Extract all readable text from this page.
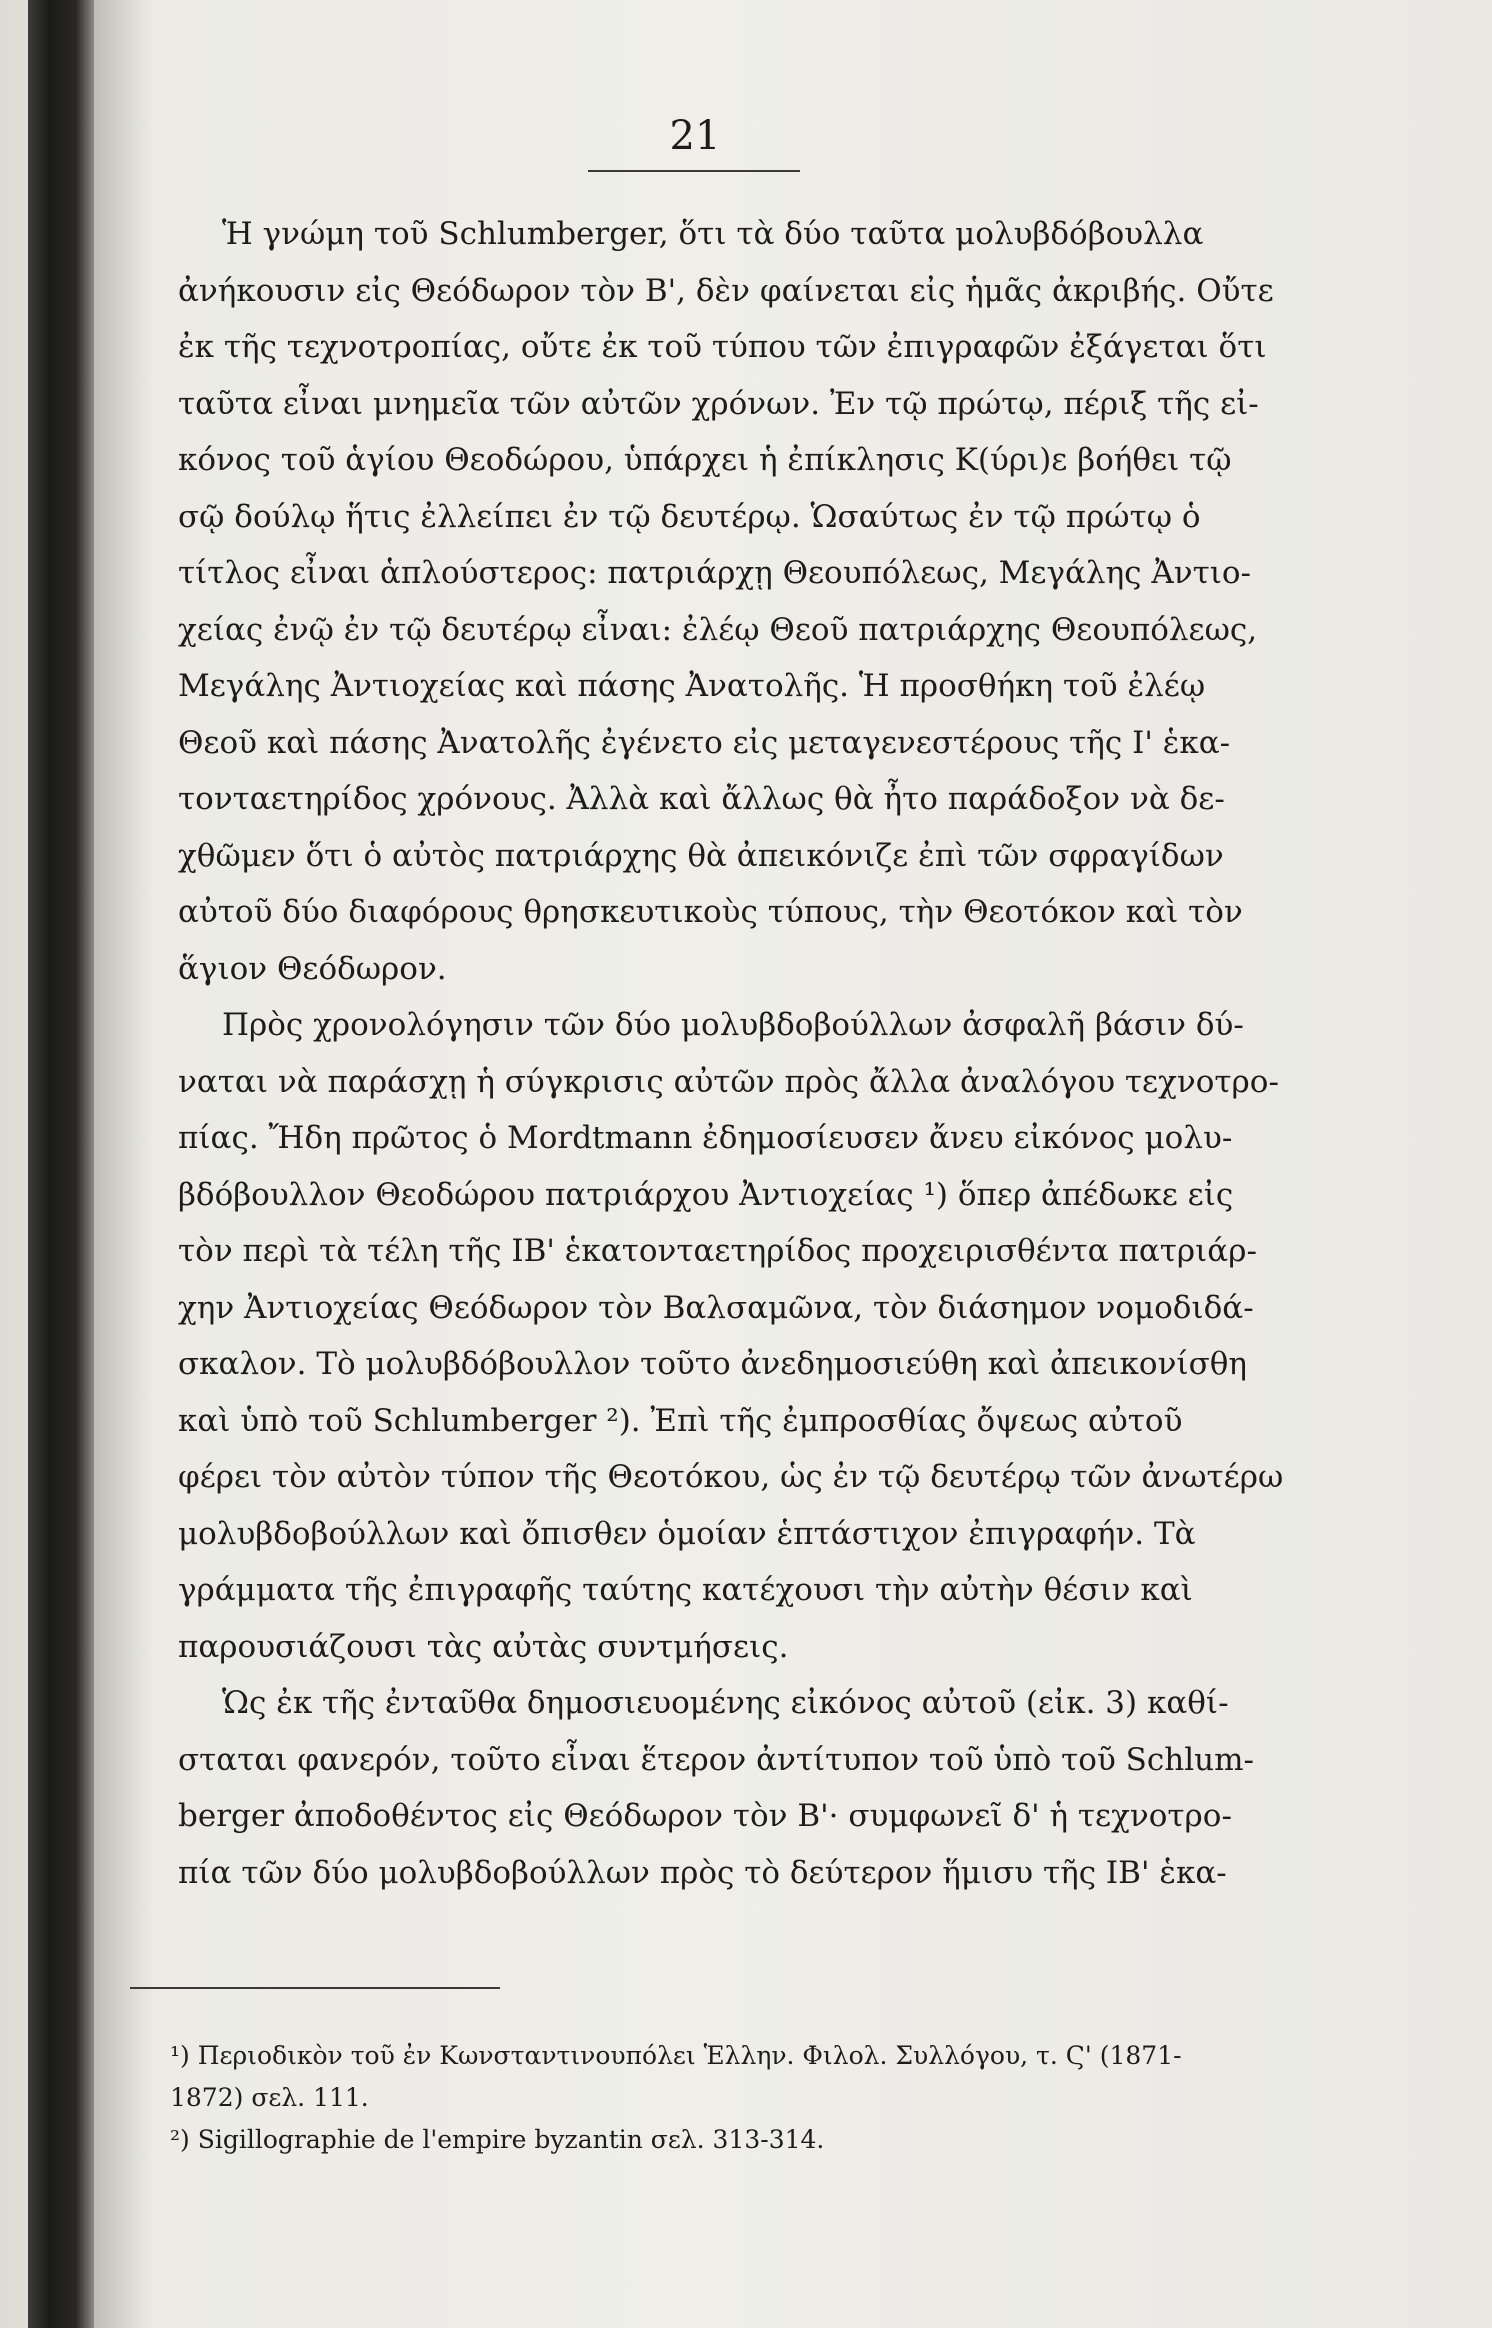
21
Ἡ γνώμη τοῦ Schlumberger, ὅτι τὰ δύο ταῦτα μολυβδόβουλλα
ἀνήκουσιν εἰς Θεόδωρον τὸν Β', δὲν φαίνεται εἰς ἡμᾶς ἀκριβής. Οὔτε
ἐκ τῆς τεχνοτροπίας, οὔτε ἐκ τοῦ τύπου τῶν ἐπιγραφῶν ἐξάγεται ὅτι
ταῦτα εἶναι μνημεῖα τῶν αὐτῶν χρόνων. Ἐν τῷ πρώτῳ, πέριξ τῆς εἰ-
κόνος τοῦ ἁγίου Θεοδώρου, ὑπάρχει ἡ ἐπίκλησις Κ(ύρι)ε βοήθει τῷ
σῷ δούλῳ ἥτις ἐλλείπει ἐν τῷ δευτέρῳ. Ὡσαύτως ἐν τῷ πρώτῳ ὁ
τίτλος εἶναι ἁπλούστερος: πατριάρχῃ Θεουπόλεως, Μεγάλης Ἀντιο-
χείας ἐνῷ ἐν τῷ δευτέρῳ εἶναι: ἐλέῳ Θεοῦ πατριάρχης Θεουπόλεως,
Μεγάλης Ἀντιοχείας καὶ πάσης Ἀνατολῆς. Ἡ προσθήκη τοῦ ἐλέῳ
Θεοῦ καὶ πάσης Ἀνατολῆς ἐγένετο εἰς μεταγενεστέρους τῆς Ι' ἑκα-
τονταετηρίδος χρόνους. Ἀλλὰ καὶ ἄλλως θὰ ἦτο παράδοξον νὰ δε-
χθῶμεν ὅτι ὁ αὐτὸς πατριάρχης θὰ ἀπεικόνιζε ἐπὶ τῶν σφραγίδων
αὐτοῦ δύο διαφόρους θρησκευτικοὺς τύπους, τὴν Θεοτόκον καὶ τὸν
ἅγιον Θεόδωρον.
Πρὸς χρονολόγησιν τῶν δύο μολυβδοβούλλων ἀσφαλῆ βάσιν δύ-
ναται νὰ παράσχῃ ἡ σύγκρισις αὐτῶν πρὸς ἄλλα ἀναλόγου τεχνοτρο-
πίας. Ἤδη πρῶτος ὁ Mordtmann ἐδημοσίευσεν ἄνευ εἰκόνος μολυ-
βδόβουλλον Θεοδώρου πατριάρχου Ἀντιοχείας ¹) ὅπερ ἀπέδωκε εἰς
τὸν περὶ τὰ τέλη τῆς ΙΒ' ἑκατονταετηρίδος προχειρισθέντα πατριάρ-
χην Ἀντιοχείας Θεόδωρον τὸν Βαλσαμῶνα, τὸν διάσημον νομοδιδά-
σκαλον. Τὸ μολυβδόβουλλον τοῦτο ἀνεδημοσιεύθη καὶ ἀπεικονίσθη
καὶ ὑπὸ τοῦ Schlumberger ²). Ἐπὶ τῆς ἐμπροσθίας ὄψεως αὐτοῦ
φέρει τὸν αὐτὸν τύπον τῆς Θεοτόκου, ὡς ἐν τῷ δευτέρῳ τῶν ἀνωτέρω
μολυβδοβούλλων καὶ ὄπισθεν ὁμοίαν ἑπτάστιχον ἐπιγραφήν. Τὰ
γράμματα τῆς ἐπιγραφῆς ταύτης κατέχουσι τὴν αὐτὴν θέσιν καὶ
παρουσιάζουσι τὰς αὐτὰς συντμήσεις.
Ὡς ἐκ τῆς ἐνταῦθα δημοσιευομένης εἰκόνος αὐτοῦ (εἰκ. 3) καθί-
σταται φανερόν, τοῦτο εἶναι ἕτερον ἀντίτυπον τοῦ ὑπὸ τοῦ Schlum-
berger ἀποδοθέντος εἰς Θεόδωρον τὸν Β'· συμφωνεῖ δ' ἡ τεχνοτρο-
πία τῶν δύο μολυβδοβούλλων πρὸς τὸ δεύτερον ἥμισυ τῆς ΙΒ' ἑκα-
¹) Περιοδικὸν τοῦ ἐν Κωνσταντινουπόλει Ἑλλην. Φιλολ. Συλλόγου, τ. Ϛ' (1871-
1872) σελ. 111.
²) Sigillographie de l'empire byzantin σελ. 313-314.
